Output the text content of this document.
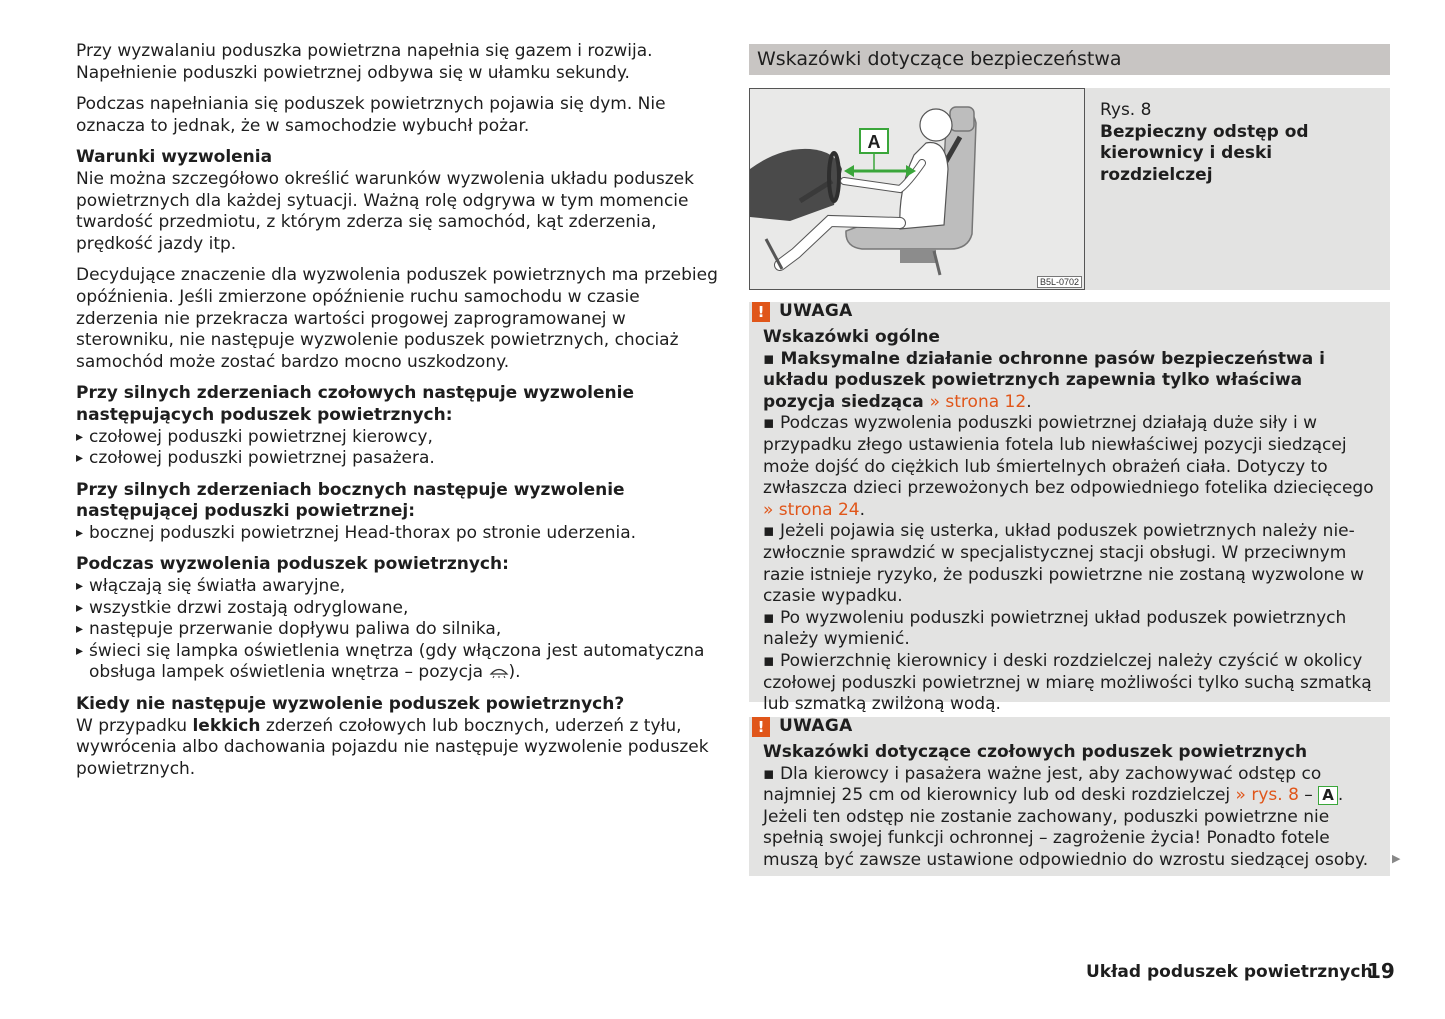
Przy wyzwalaniu poduszka powietrzna napełnia się gazem i rozwija. Napełnienie poduszki powietrznej odbywa się w ułamku sekundy.

Podczas napełniania się poduszek powietrznych pojawia się dym. Nie oznacza to jednak, że w samochodzie wybuchł pożar.

Warunki wyzwolenia
Nie można szczegółowo określić warunków wyzwolenia układu poduszek powietrznych dla każdej sytuacji. Ważną rolę odgrywa w tym momencie twardość przedmiotu, z którym zderza się samochód, kąt zderzenia, prędkość jazdy itp.

Decydujące znaczenie dla wyzwolenia poduszek powietrznych ma przebieg opóźnienia. Jeśli zmierzone opóźnienie ruchu samochodu w czasie zderzenia nie przekracza wartości progowej zaprogramowanej w sterowniku, nie następuje wyzwolenie poduszek powietrznych, chociaż samochód może zostać bardzo mocno uszkodzony.

Przy silnych zderzeniach czołowych następuje wyzwolenie następujących poduszek powietrznych:
▸ czołowej poduszki powietrznej kierowcy,
▸ czołowej poduszki powietrznej pasażera.
Przy silnych zderzeniach bocznych następuje wyzwolenie następującej poduszki powietrznej:
▸ bocznej poduszki powietrznej Head-thorax po stronie uderzenia.
Podczas wyzwolenia poduszek powietrznych:
▸ włączają się światła awaryjne,
▸ wszystkie drzwi zostają odryglowane,
▸ następuje przerwanie dopływu paliwa do silnika,
▸ świeci się lampka oświetlenia wnętrza (gdy włączona jest automatyczna obsługa lampek oświetlenia wnętrza – pozycja ).
Kiedy nie następuje wyzwolenie poduszek powietrznych?
W przypadku lekkich zderzeń czołowych lub bocznych, uderzeń z tyłu, wywrócenia albo dachowania pojazdu nie następuje wyzwolenie poduszek powietrznych.
Wskazówki dotyczące bezpieczeństwa
A
B5L-0702
Rys. 8
Bezpieczny odstęp od kierownicy i deski rozdzielczej
! UWAGA
Wskazówki ogólne
▪ Maksymalne działanie ochronne pasów bezpieczeństwa i układu poduszek powietrznych zapewnia tylko właściwa pozycja siedząca » strona 12.
▪ Podczas wyzwolenia poduszki powietrznej działają duże siły i w przypadku złego ustawienia fotela lub niewłaściwej pozycji siedzącej może dojść do ciężkich lub śmiertelnych obrażeń ciała. Dotyczy to zwłaszcza dzieci przewożonych bez odpowiedniego fotelika dziecięcego » strona 24.
▪ Jeżeli pojawia się usterka, układ poduszek powietrznych należy niezwłocznie sprawdzić w specjalistycznej stacji obsługi. W przeciwnym razie istnieje ryzyko, że poduszki powietrzne nie zostaną wyzwolone w czasie wypadku.
▪ Po wyzwoleniu poduszki powietrznej układ poduszek powietrznych należy wymienić.
▪ Powierzchnię kierownicy i deski rozdzielczej należy czyścić w okolicy czołowej poduszki powietrznej w miarę możliwości tylko suchą szmatką lub szmatką zwilżoną wodą.
! UWAGA
Wskazówki dotyczące czołowych poduszek powietrznych
▪ Dla kierowcy i pasażera ważne jest, aby zachowywać odstęp co najmniej 25 cm od kierownicy lub od deski rozdzielczej » rys. 8 – A . Jeżeli ten odstęp nie zostanie zachowany, poduszki powietrzne nie spełnią swojej funkcji ochronnej – zagrożenie życia! Ponadto fotele muszą być zawsze ustawione odpowiednio do wzrostu siedzącej osoby.	▶
Układ poduszek powietrznych
19
